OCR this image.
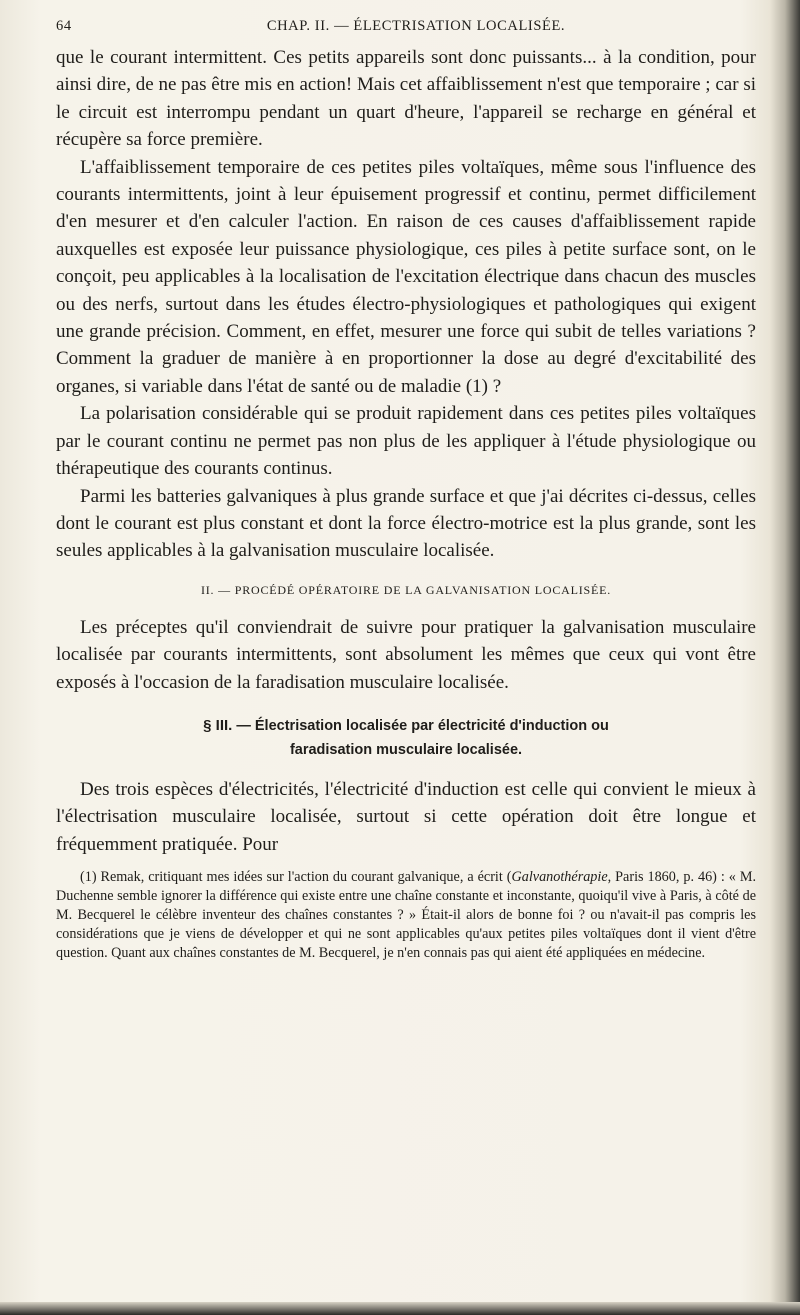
64	CHAP. II. — ÉLECTRISATION LOCALISÉE.

que le courant intermittent. Ces petits appareils sont donc puissants... à la condition, pour ainsi dire, de ne pas être mis en action! Mais cet affaiblissement n'est que temporaire ; car si le circuit est interrompu pendant un quart d'heure, l'appareil se recharge en général et récupère sa force première.

L'affaiblissement temporaire de ces petites piles voltaïques, même sous l'influence des courants intermittents, joint à leur épuisement progressif et continu, permet difficilement d'en mesurer et d'en calculer l'action. En raison de ces causes d'affaiblissement rapide auxquelles est exposée leur puissance physiologique, ces piles à petite surface sont, on le conçoit, peu applicables à la localisation de l'excitation électrique dans chacun des muscles ou des nerfs, surtout dans les études électro-physiologiques et pathologiques qui exigent une grande précision. Comment, en effet, mesurer une force qui subit de telles variations ? Comment la graduer de manière à en proportionner la dose au degré d'excitabilité des organes, si variable dans l'état de santé ou de maladie (1) ?

La polarisation considérable qui se produit rapidement dans ces petites piles voltaïques par le courant continu ne permet pas non plus de les appliquer à l'étude physiologique ou thérapeutique des courants continus.

Parmi les batteries galvaniques à plus grande surface et que j'ai décrites ci-dessus, celles dont le courant est plus constant et dont la force électro-motrice est la plus grande, sont les seules applicables à la galvanisation musculaire localisée.

II. — PROCÉDÉ OPÉRATOIRE DE LA GALVANISATION LOCALISÉE.

Les préceptes qu'il conviendrait de suivre pour pratiquer la galvanisation musculaire localisée par courants intermittents, sont absolument les mêmes que ceux qui vont être exposés à l'occasion de la faradisation musculaire localisée.

§ III. — Électrisation localisée par électricité d'induction ou
faradisation musculaire localisée.

Des trois espèces d'électricités, l'électricité d'induction est celle qui convient le mieux à l'électrisation musculaire localisée, surtout si cette opération doit être longue et fréquemment pratiquée. Pour

(1) Remak, critiquant mes idées sur l'action du courant galvanique, a écrit (Galvanothérapie, Paris 1860, p. 46) : « M. Duchenne semble ignorer la différence qui existe entre une chaîne constante et inconstante, quoiqu'il vive à Paris, à côté de M. Becquerel le célèbre inventeur des chaînes constantes ? » Était-il alors de bonne foi ? ou n'avait-il pas compris les considérations que je viens de développer et qui ne sont applicables qu'aux petites piles voltaïques dont il vient d'être question. Quant aux chaînes constantes de M. Becquerel, je n'en connais pas qui aient été appliquées en médecine.
